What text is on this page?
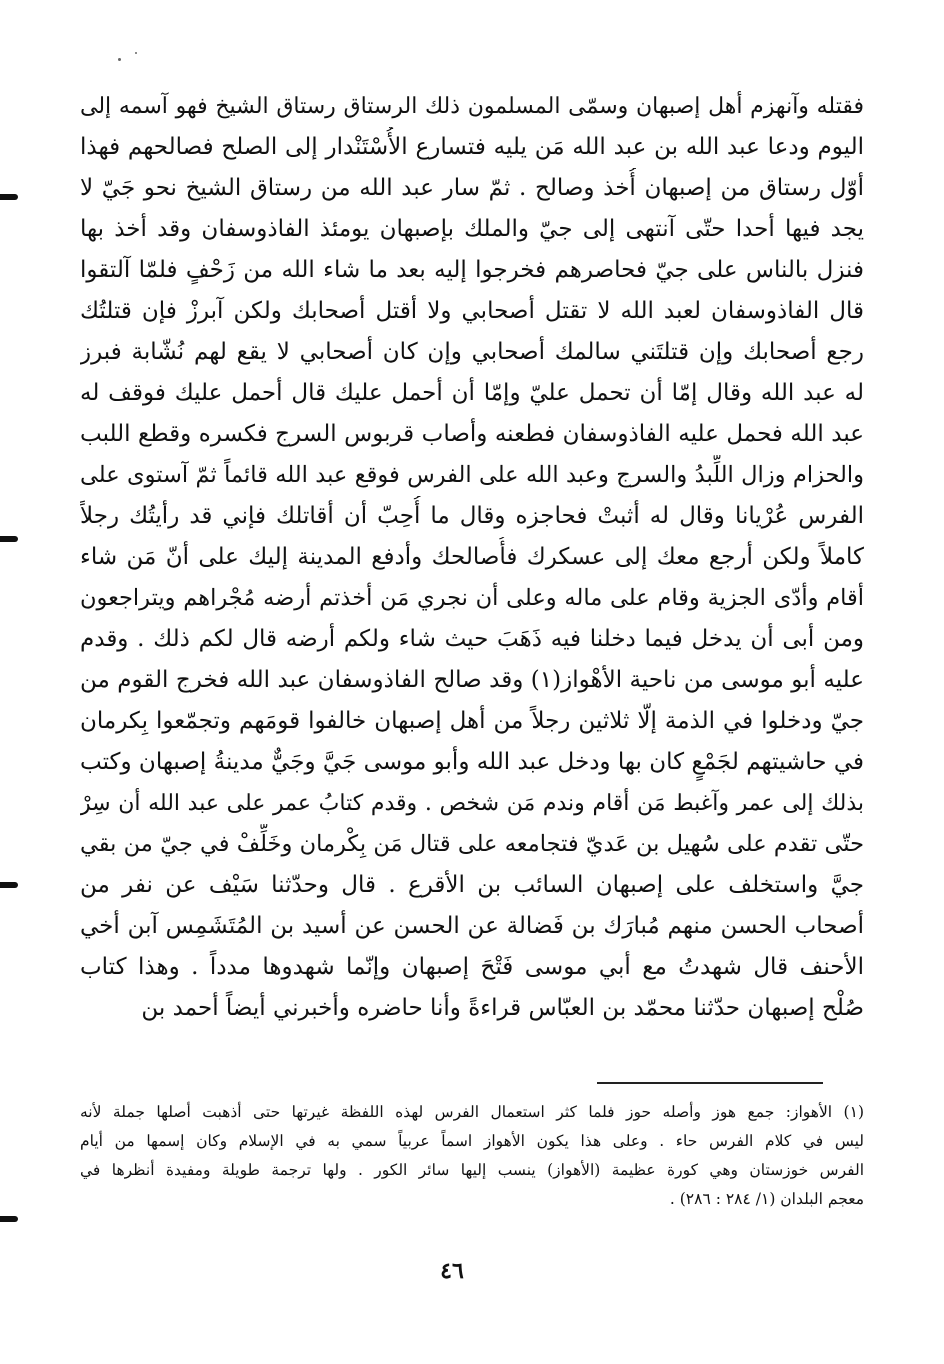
فقتله وآنهزم أهل إصبهان وسمّى المسلمون ذلك الرستاق رستاق الشيخ فهو آسمه إلى
اليوم ودعا عبد الله بن عبد الله مَن يليه فتسارع الأُسْتَنْدار إلى الصلح فصالحهم فهذا
أوّل رستاق من إصبهان أُخذ وصالح . ثمّ سار عبد الله من رستاق الشيخ نحو جَيّ لا
يجد فيها أحدا حتّى آنتهى إلى جيّ والملك بإصبهان يومئذ الفاذوسفان وقد أخذ بها
فنزل بالناس على جيّ فحاصرهم فخرجوا إليه بعد ما شاء الله من زَحْفٍ فلمّا آلتقوا
قال الفاذوسفان لعبد الله لا تقتل أصحابي ولا أقتل أصحابك ولكن آبرزْ فإن قتلتُك
رجع أصحابك وإن قتلتَني سالمك أصحابي وإن كان أصحابي لا يقع لهم نُشّابة فبرز
له عبد الله وقال إمّا أن تحمل عليّ وإمّا أن أحمل عليك قال أحمل عليك فوقف له
عبد الله فحمل عليه الفاذوسفان فطعنه وأصاب قربوس السرج فكسره وقطع اللبب
والحزام وزال اللِّبدُ والسرج وعبد الله على الفرس فوقع عبد الله قائماً ثمّ آستوى على
الفرس عُرْيانا وقال له أثبتْ فحاجزه وقال ما أُحِبّ أن أقاتلك فإني قد رأيتُك رجلاً
كاملاً ولكن أرجع معك إلى عسكرك فأُصالحك وأدفع المدينة إليك على أنّ مَن شاء
أقام وأدّى الجزية وقام على ماله وعلى أن نجري مَن أخذتم أرضه مُجْراهم ويتراجعون
ومن أبى أن يدخل فيما دخلنا فيه ذَهَبَ حيث شاء ولكم أرضه قال لكم ذلك . وقدم
عليه أبو موسى من ناحية الأهْواز(١) وقد صالح الفاذوسفان عبد الله فخرج القوم من
جيّ ودخلوا في الذمة إلّا ثلاثين رجلاً من أهل إصبهان خالفوا قومَهم وتجمّعوا بِكرمان
في حاشيتهم لجَمْعٍ كان بها ودخل عبد الله وأبو موسى جَيَّ وجَيٌّ مدينةُ إصبهان وكتب
بذلك إلى عمر وآغبط مَن أقام وندم مَن شخص . وقدم كتابُ عمر على عبد الله أن سِرْ
حتّى تقدم على سُهيل بن عَديّ فتجامعه على قتال مَن بِكْرمان وخَلِّفْ في جيّ من بقي
جيَّ واستخلف على إصبهان السائب بن الأقرع . قال وحدّثنا سَيْف عن نفر من
أصحاب الحسن منهم مُبارَك بن فَضالة عن الحسن عن أسيد بن المُتَشَمِس آبن أخي
الأحنف قال شهدتُ مع أبي موسى فَتْحَ إصبهان وإنّما شهدوها مدداً . وهذا كتاب
صُلْح إصبهان حدّثنا محمّد بن العبّاس قراءةً وأنا حاضره وأخبرني أيضاً أحمد بن
(١) الأهواز: جمع هوز وأصله حوز فلما كثر استعمال الفرس لهذه اللفظة غيرتها حتى أذهبت أصلها جملة لأنه
ليس في كلام الفرس حاء . وعلى هذا يكون الأهواز اسماً عربياً سمي به في الإسلام وكان إسمها من أيام
الفرس خوزستان وهي كورة عظيمة (الأهواز) ينسب إليها سائر الكور . ولها ترجمة طويلة ومفيدة أنظرها في
معجم البلدان (١/ ٢٨٤ : ٢٨٦) .
٤٦
